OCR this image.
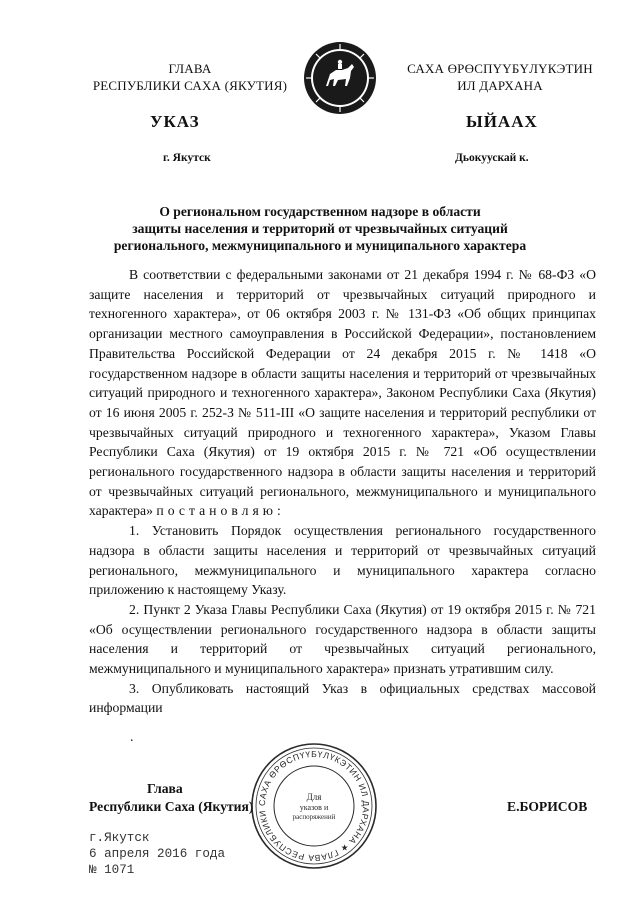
ГЛАВА
РЕСПУБЛИКИ САХА (ЯКУТИЯ)
САХА ӨРӨСПҮҮБҮЛҮКЭТИН
ИЛ ДАРХАНА
УКАЗ	ЫЙААХ
г. Якутск	Дьокуускай к.
О региональном государственном надзоре в области
защиты населения и территорий от чрезвычайных ситуаций
регионального, межмуниципального и муниципального характера

В соответствии с федеральными законами от 21 декабря 1994 г. № 68-ФЗ «О защите населения и территорий от чрезвычайных ситуаций природного и техногенного характера», от 06 октября 2003 г. № 131-ФЗ «Об общих принципах организации местного самоуправления в Российской Федерации», постановлением Правительства Российской Федерации от 24 декабря 2015 г. № 1418 «О государственном надзоре в области защиты населения и территорий от чрезвычайных ситуаций природного и техногенного характера», Законом Республики Саха (Якутия) от 16 июня 2005 г. 252-З № 511-III «О защите населения и территорий республики от чрезвычайных ситуаций природного и техногенного характера», Указом Главы Республики Саха (Якутия) от 19 октября 2015 г. № 721 «Об осуществлении регионального государственного надзора в области защиты населения и территорий от чрезвычайных ситуаций регионального, межмуниципального и муниципального характера» постановляю:

1. Установить Порядок осуществления регионального государственного надзора в области защиты населения и территорий от чрезвычайных ситуаций регионального, межмуниципального и муниципального характера согласно приложению к настоящему Указу.

2. Пункт 2 Указа Главы Республики Саха (Якутия) от 19 октября 2015 г. № 721 «Об осуществлении регионального государственного надзора в области защиты населения и территорий от чрезвычайных ситуаций регионального, межмуниципального и муниципального характера» признать утратившим силу.

3. Опубликовать настоящий Указ в официальных средствах массовой информации

.
Глава
Республики Саха (Якутия)	Е.БОРИСОВ
САХА ӨРӨСПҮҮБҮЛҮКЭТИН ИЛ ДАРХАНА ★ ГЛАВА РЕСПУБЛИКИ
Для
указов и
распоряжений
г.Якутск
6 апреля 2016 года
№ 1071
